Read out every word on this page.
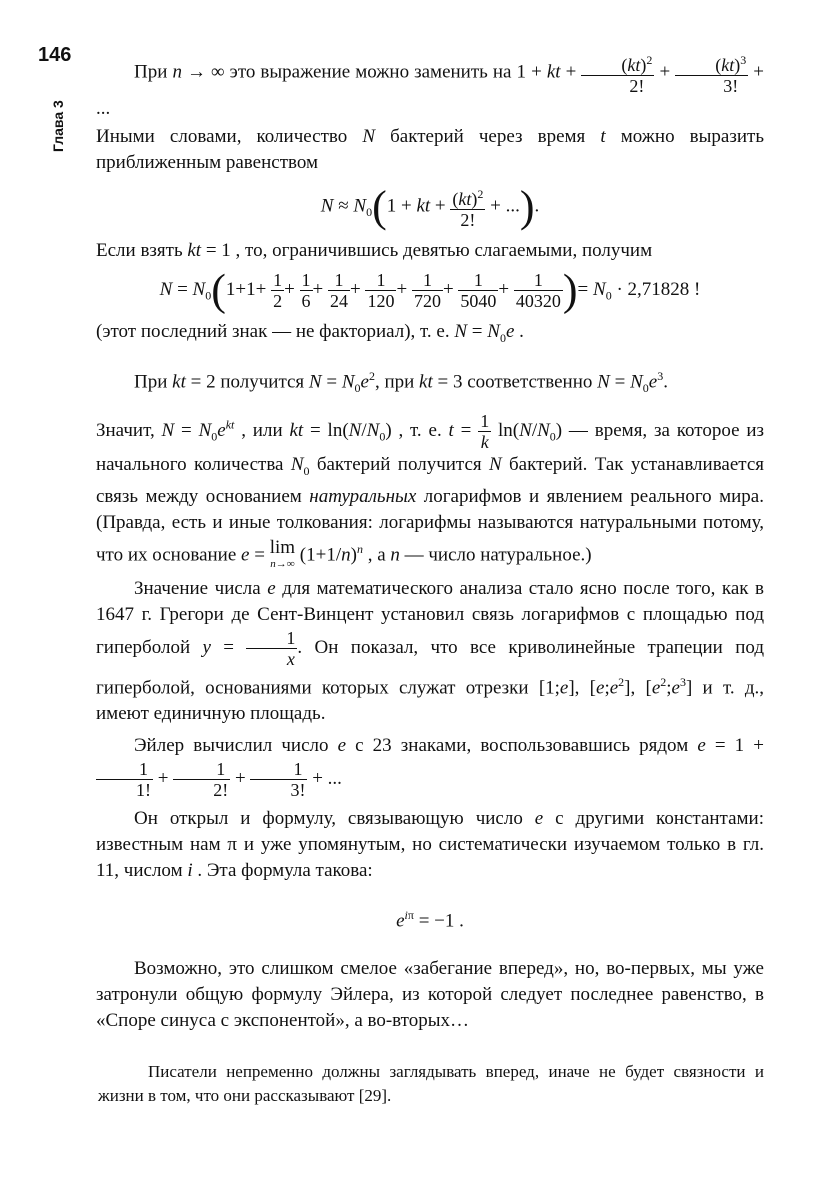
146
Глава 3

При n → ∞ это выражение можно заменить на 1 + kt + $\frac{(kt)^2}{2!} + \frac{(kt)^3}{3!}$ + ...

Иными словами, количество N бактерий через время t можно выразить приближенным равенством

$N \approx N_0(1$ + kt + $\frac{(kt)^2}{2!}$ + ...).

Если взять kt = 1 , то, ограничившись девятью слагаемыми, получим

$N = N_0(1+1+ \frac{1}{2} + \frac{1}{6} + \frac{1}{24} + \frac{1}{120} + \frac{1}{720} + \frac{1}{5040} + \frac{1}{40320}$ )= $N_0 \cdot 2,71828$ !

(этот последний знак — не факториал), т. е. $N = N_0e$ .

При kt = 2 получится $N = N_0e^2$, при kt = 3 соответственно $N = N_0e^3$.

Значит, $N = N_0e^{kt}$ , или kt = $\ln(N/N_0)$ , т. е. $t = \frac{1}{k} \ln(N/N_0)$ — время, за которое из начального количества $N_0$ бактерий получится N бактерий. Так устанавливается связь между основанием натуральных логарифмов и явлением реального мира. (Правда, есть и иные толкования: логарифмы называются натуральными потому, что их основание e = lim
n→∞ $(1+1/n)^n$ , а n — число натуральное.)

Значение числа e для математического анализа стало ясно после того, как в 1647 г. Грегори де Сент-Винцент установил связь логарифмов с площадью под гиперболой $y = \frac{1}{x}$ . Он показал, что все криволинейные трапеции под гиперболой, основаниями которых служат отрезки [1;e], $[e;e^2]$, $[e^2;e^3]$ и т. д., имеют единичную площадь.

Эйлер вычислил число e с 23 знаками, воспользовавшись рядом e = 1 +
$\frac{1}{1!} + \frac{1}{2!} + \frac{1}{3!}$ + ...

Он открыл и формулу, связывающую число e с другими константами: известным нам π и уже упомянутым, но систематически изучаемом только в гл. 11, числом i . Эта формула такова:

$e^{i\pi} = -1$ .

Возможно, это слишком смелое «забегание вперед», но, во-первых, мы уже затронули общую формулу Эйлера, из которой следует последнее равенство, в «Споре синуса с экспонентой», а во-вторых…

Писатели непременно должны заглядывать вперед, иначе не будет связности и жизни в том, что они рассказывают [29].
